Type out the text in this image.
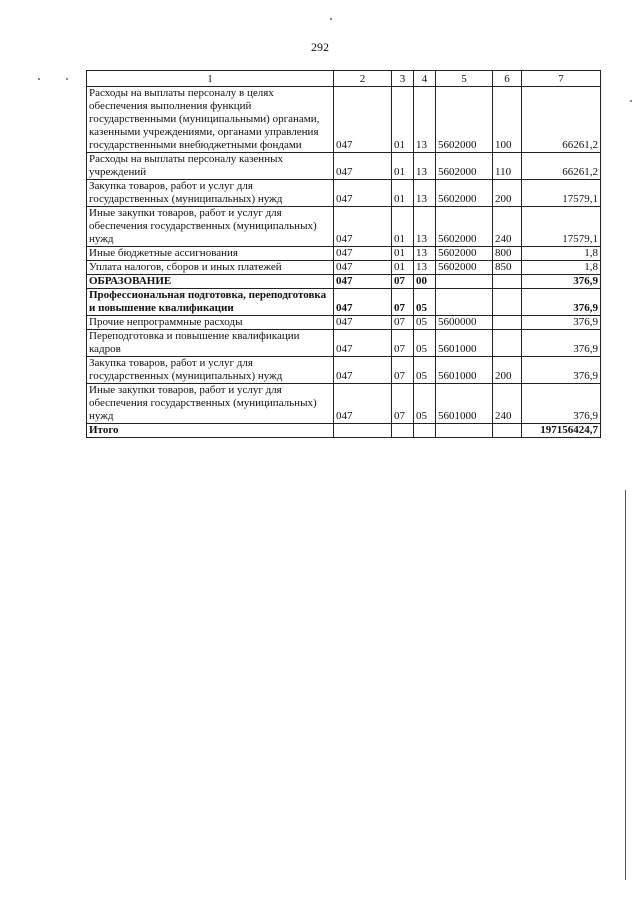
292
1	2	3	4	5	6	7
Расходы на выплаты персоналу в целях обеспечения выполнения функций государственными (муниципальными) органами, казенными учреждениями, органами управления государственными внебюджетными фондами	047	01	13	5602000	100	66261,2
Расходы на выплаты персоналу казенных учреждений	047	01	13	5602000	110	66261,2
Закупка товаров, работ и услуг для государственных (муниципальных) нужд	047	01	13	5602000	200	17579,1
Иные закупки товаров, работ и услуг для обеспечения государственных (муниципальных) нужд	047	01	13	5602000	240	17579,1
Иные бюджетные ассигнования	047	01	13	5602000	800	1,8
Уплата налогов, сборов и иных платежей	047	01	13	5602000	850	1,8
ОБРАЗОВАНИЕ	047	07	00			376,9
Профессиональная подготовка, переподготовка и повышение квалификации	047	07	05			376,9
Прочие непрограммные расходы	047	07	05	5600000		376,9
Переподготовка и повышение квалификации кадров	047	07	05	5601000		376,9
Закупка товаров, работ и услуг для государственных (муниципальных) нужд	047	07	05	5601000	200	376,9
Иные закупки товаров, работ и услуг для обеспечения государственных (муниципальных) нужд	047	07	05	5601000	240	376,9
Итого						197156424,7
